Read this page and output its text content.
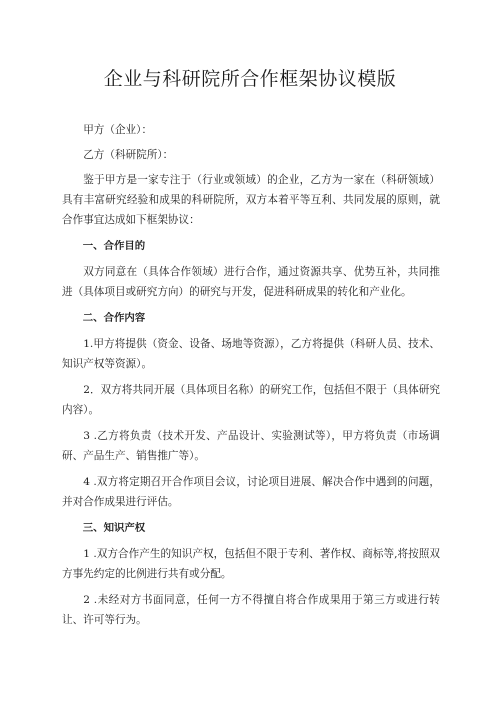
企业与科研院所合作框架协议模版

甲方（企业）：

乙方（科研院所）：

鉴于甲方是一家专注于（行业或领域）的企业，乙方为一家在（科研领域）具有丰富研究经验和成果的科研院所，双方本着平等互利、共同发展的原则，就合作事宜达成如下框架协议：

一、合作目的

双方同意在（具体合作领域）进行合作，通过资源共享、优势互补，共同推进（具体项目或研究方向）的研究与开发，促进科研成果的转化和产业化。

二、合作内容

1.甲方将提供（资金、设备、场地等资源），乙方将提供（科研人员、技术、知识产权等资源）。

2．双方将共同开展（具体项目名称）的研究工作，包括但不限于（具体研究内容）。

3 .乙方将负责（技术开发、产品设计、实验测试等），甲方将负责（市场调研、产品生产、销售推广等）。

4 .双方将定期召开合作项目会议，讨论项目进展、解决合作中遇到的问题，并对合作成果进行评估。

三、知识产权

1 .双方合作产生的知识产权，包括但不限于专利、著作权、商标等,将按照双方事先约定的比例进行共有或分配。

2 .未经对方书面同意，任何一方不得擅自将合作成果用于第三方或进行转让、许可等行为。
